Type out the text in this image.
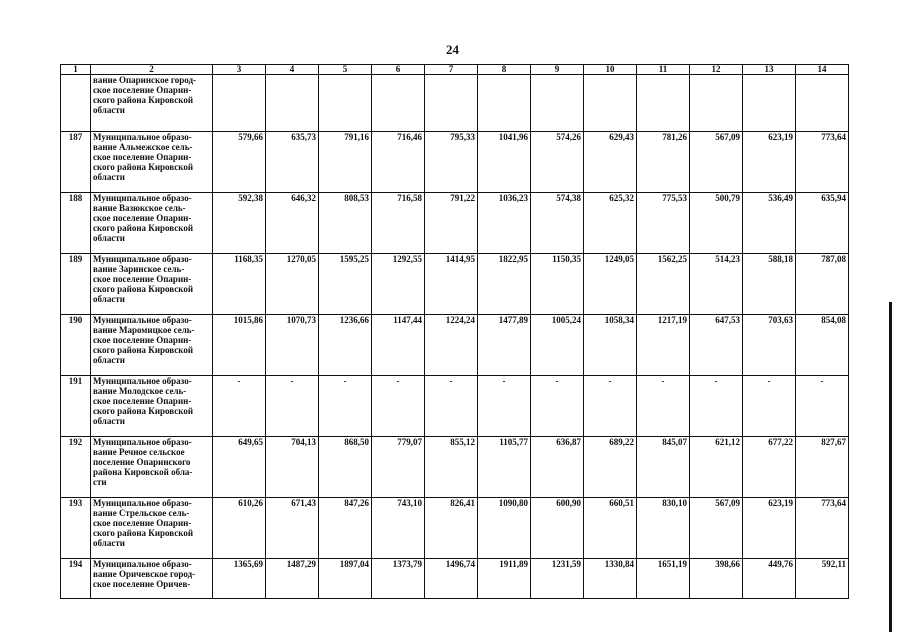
24
1	2	3	4	5	6	7	8	9	10	11	12	13	14
	вание Опаринское город-
ское поселение Опарин-
ского района Кировской
области												
187	Муниципальное образо-
вание Альмежское сель-
ское поселение Опарин-
ского района Кировской
области	579,66	635,73	791,16	716,46	795,33	1041,96	574,26	629,43	781,26	567,09	623,19	773,64
188	Муниципальное образо-
вание Вазюкское сель-
ское поселение Опарин-
ского района Кировской
области	592,38	646,32	808,53	716,58	791,22	1036,23	574,38	625,32	775,53	500,79	536,49	635,94
189	Муниципальное образо-
вание Заринское сель-
ское поселение Опарин-
ского района Кировской
области	1168,35	1270,05	1595,25	1292,55	1414,95	1822,95	1150,35	1249,05	1562,25	514,23	588,18	787,08
190	Муниципальное образо-
вание Маромицкое сель-
ское поселение Опарин-
ского района Кировской
области	1015,86	1070,73	1236,66	1147,44	1224,24	1477,89	1005,24	1058,34	1217,19	647,53	703,63	854,08
191	Муниципальное образо-
вание Молодское сель-
ское поселение Опарин-
ского района Кировской
области	-	-	-	-	-	-	-	-	-	-	-	-
192	Муниципальное образо-
вание Речное сельское
поселение Опаринского
района Кировской обла-
сти	649,65	704,13	868,50	779,07	855,12	1105,77	636,87	689,22	845,07	621,12	677,22	827,67
193	Муниципальное образо-
вание Стрельское сель-
ское поселение Опарин-
ского района Кировской
области	610,26	671,43	847,26	743,10	826,41	1090,80	600,90	660,51	830,10	567,09	623,19	773,64
194	Муниципальное образо-
вание Оричевское город-
ское поселение Оричев-	1365,69	1487,29	1897,04	1373,79	1496,74	1911,89	1231,59	1330,84	1651,19	398,66	449,76	592,11
